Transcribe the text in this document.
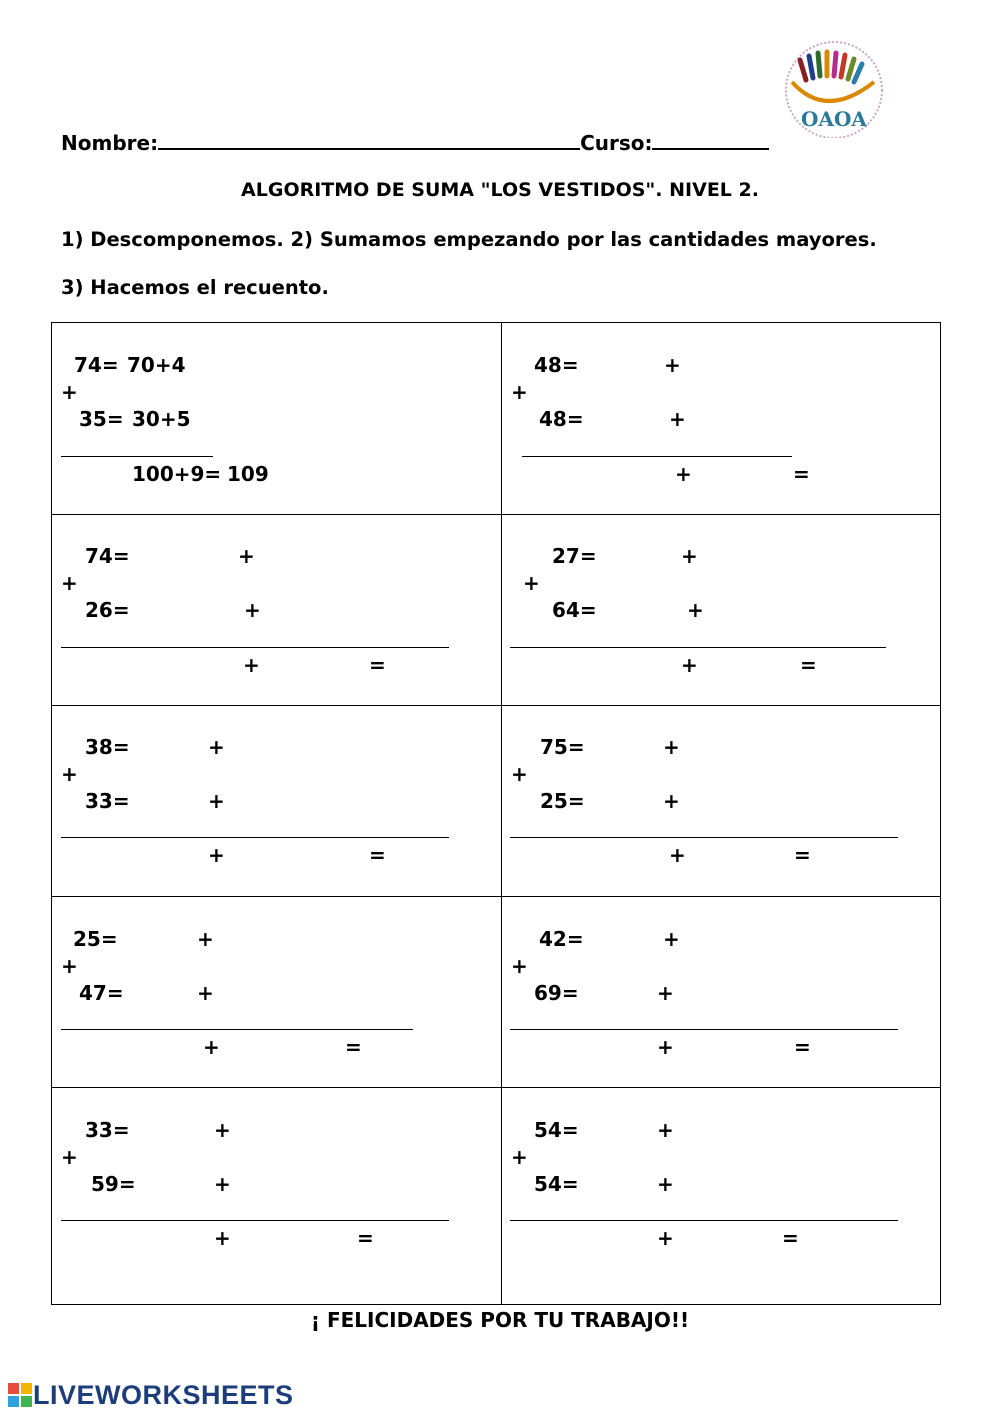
Nombre:	Curso:
OAOA
ALGORITMO DE SUMA "LOS VESTIDOS". NIVEL 2.
1) Descomponemos. 2) Sumamos empezando por las cantidades mayores.
3) Hacemos el recuento.
74= 70+4
+
35= 30+5
100+9= 109
48=	+
+
48=	+
+	=
74=	+
+
26=	+
+	=
27=	+
+
64=	+
+	=
38=	+
+
33=	+
+	=
75=	+
+
25=	+
+	=
25=	+
+
47=	+
+	=
42=	+
+
69=	+
+	=
33=	+
+
59=	+
+	=
54=	+
+
54=	+
+	=
¡ FELICIDADES POR TU TRABAJO!!
LIVEWORKSHEETS
